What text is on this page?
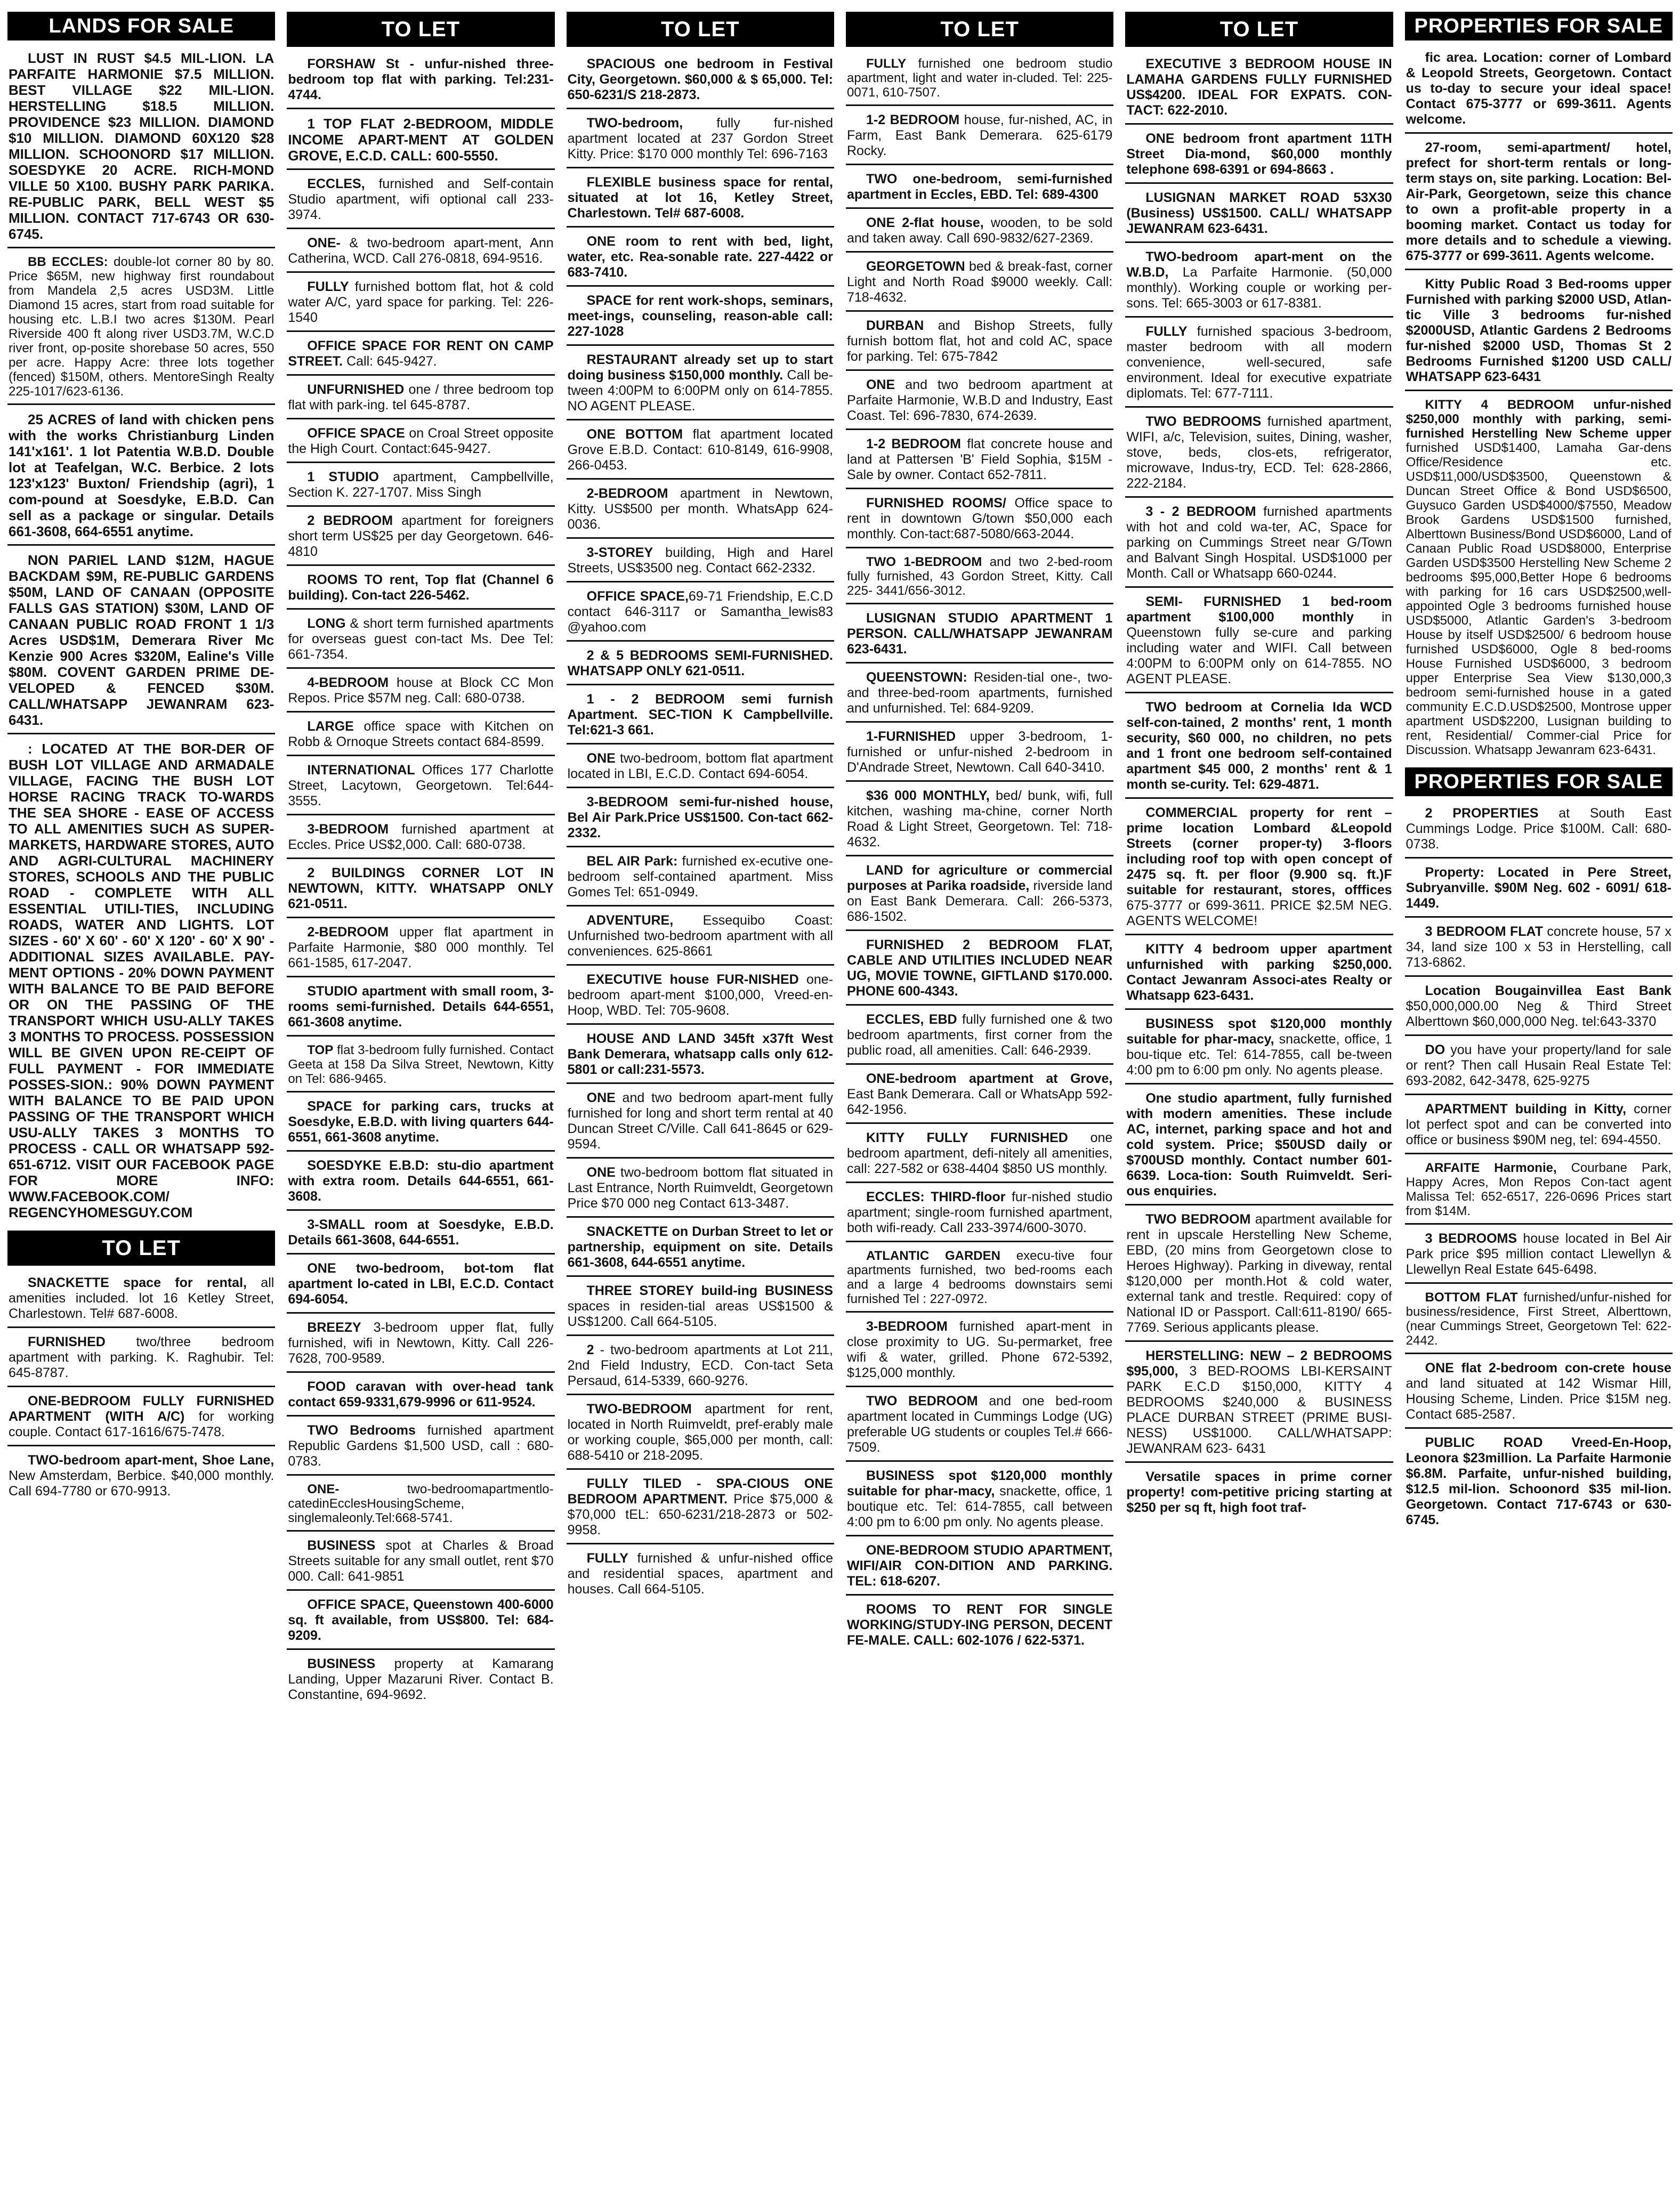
LANDS FOR SALE
LUST IN RUST $4.5 MIL-LION. LA PARFAITE HARMONIE $7.5 MILLION. BEST VILLAGE $22 MIL-LION. HERSTELLING $18.5 MILLION. PROVIDENCE $23 MILLION. DIAMOND $10 MILLION. DIAMOND 60X120 $28 MILLION. SCHOONORD $17 MILLION. SOESDYKE 20 ACRE. RICH-MOND VILLE 50 X100. BUSHY PARK PARIKA. RE-PUBLIC PARK, BELL WEST $5 MILLION. CONTACT 717-6743 OR 630-6745.
BB ECCLES: double-lot corner 80 by 80. Price $65M, new highway first roundabout from Mandela 2,5 acres USD3M. Little Diamond 15 acres, start from road suitable for housing etc. L.B.I two acres $130M. Pearl Riverside 400 ft along river USD3.7M, W.C.D river front, op-posite shorebase 50 acres, 550 per acre. Happy Acre: three lots together (fenced) $150M, others. MentoreSingh Realty 225-1017/623-6136.
25 ACRES of land with chicken pens with the works Christianburg Linden 141'x161'. 1 lot Patentia W.B.D. Double lot at Teafelgan, W.C. Berbice. 2 lots 123'x123' Buxton/ Friendship (agri), 1 com-pound at Soesdyke, E.B.D. Can sell as a package or singular. Details 661-3608, 664-6551 anytime.
NON PARIEL LAND $12M, HAGUE BACKDAM $9M, RE-PUBLIC GARDENS $50M, LAND OF CANAAN (OPPOSITE FALLS GAS STATION) $30M, LAND OF CANAAN PUBLIC ROAD FRONT 1 1/3 Acres USD$1M, Demerara River Mc Kenzie 900 Acres $320M, Ealine's Ville $80M. COVENT GARDEN PRIME DE-VELOPED & FENCED $30M. CALL/WHATSAPP JEWANRAM 623-6431.
: LOCATED AT THE BOR-DER OF BUSH LOT VILLAGE AND ARMADALE VILLAGE, FACING THE BUSH LOT HORSE RACING TRACK TO-WARDS THE SEA SHORE - EASE OF ACCESS TO ALL AMENITIES SUCH AS SUPER-MARKETS, HARDWARE STORES, AUTO AND AGRI-CULTURAL MACHINERY STORES, SCHOOLS AND THE PUBLIC ROAD - COMPLETE WITH ALL ESSENTIAL UTILI-TIES, INCLUDING ROADS, WATER AND LIGHTS. LOT SIZES - 60' X 60' - 60' X 120' - 60' X 90' - ADDITIONAL SIZES AVAILABLE. PAY-MENT OPTIONS - 20% DOWN PAYMENT WITH BALANCE TO BE PAID BEFORE OR ON THE PASSING OF THE TRANSPORT WHICH USU-ALLY TAKES 3 MONTHS TO PROCESS. POSSESSION WILL BE GIVEN UPON RE-CEIPT OF FULL PAYMENT - FOR IMMEDIATE POSSES-SION.: 90% DOWN PAYMENT WITH BALANCE TO BE PAID UPON PASSING OF THE TRANSPORT WHICH USU-ALLY TAKES 3 MONTHS TO PROCESS - CALL OR WHATSAPP 592-651-6712. VISIT OUR FACEBOOK PAGE FOR MORE INFO: WWW.FACEBOOK.COM/ REGENCYHOMESGUY.COM
TO LET
SNACKETTE space for rental, all amenities included. lot 16 Ketley Street, Charlestown. Tel# 687-6008.
FURNISHED two/three bedroom apartment with parking. K. Raghubir. Tel: 645-8787.
ONE-BEDROOM FULLY FURNISHED APARTMENT (WITH A/C) for working couple. Contact 617-1616/675-7478.
TWO-bedroom apart-ment, Shoe Lane, New Amsterdam, Berbice. $40,000 monthly. Call 694-7780 or 670-9913.
TO LET
FORSHAW St - unfur-nished three-bedroom top flat with parking. Tel:231-4744.
1 TOP FLAT 2-BEDROOM, MIDDLE INCOME APART-MENT AT GOLDEN GROVE, E.C.D. CALL: 600-5550.
ECCLES, furnished and Self-contain Studio apartment, wifi optional call 233-3974.
ONE- & two-bedroom apart-ment, Ann Catherina, WCD. Call 276-0818, 694-9516.
FULLY furnished bottom flat, hot & cold water A/C, yard space for parking. Tel: 226-1540
OFFICE SPACE FOR RENT ON CAMP STREET. Call: 645-9427.
UNFURNISHED one / three bedroom top flat with park-ing. tel 645-8787.
OFFICE SPACE on Croal Street opposite the High Court. Contact:645-9427.
1 STUDIO apartment, Campbellville, Section K. 227-1707. Miss Singh
2 BEDROOM apartment for foreigners short term US$25 per day Georgetown. 646-4810
ROOMS TO rent, Top flat (Channel 6 building). Con-tact 226-5462.
LONG & short term furnished apartments for overseas guest con-tact Ms. Dee Tel: 661-7354.
4-BEDROOM house at Block CC Mon Repos. Price $57M neg. Call: 680-0738.
LARGE office space with Kitchen on Robb & Ornoque Streets contact 684-8599.
INTERNATIONAL Offices 177 Charlotte Street, Lacytown, Georgetown. Tel:644-3555.
3-BEDROOM furnished apartment at Eccles. Price US$2,000. Call: 680-0738.
2 BUILDINGS CORNER LOT IN NEWTOWN, KITTY. WHATSAPP ONLY 621-0511.
2-BEDROOM upper flat apartment in Parfaite Harmonie, $80 000 monthly. Tel 661-1585, 617-2047.
STUDIO apartment with small room, 3-rooms semi-furnished. Details 644-6551, 661-3608 anytime.
TOP flat 3-bedroom fully furnished. Contact Geeta at 158 Da Silva Street, Newtown, Kitty on Tel: 686-9465.
SPACE for parking cars, trucks at Soesdyke, E.B.D. with living quarters 644-6551, 661-3608 anytime.
SOESDYKE E.B.D: stu-dio apartment with extra room. Details 644-6551, 661-3608.
3-SMALL room at Soesdyke, E.B.D. Details 661-3608, 644-6551.
ONE two-bedroom, bot-tom flat apartment lo-cated in LBI, E.C.D. Contact 694-6054.
BREEZY 3-bedroom upper flat, fully furnished, wifi in Newtown, Kitty. Call 226-7628, 700-9589.
FOOD caravan with over-head tank contact 659-9331,679-9996 or 611-9524.
TWO Bedrooms furnished apartment Republic Gardens $1,500 USD, call : 680-0783.
ONE- two-bedroomapartmentlo-catedinEcclesHousingScheme, singlemaleonly.Tel:668-5741.
BUSINESS spot at Charles & Broad Streets suitable for any small outlet, rent $70 000. Call: 641-9851
OFFICE SPACE, Queenstown 400-6000 sq. ft available, from US$800. Tel: 684-9209.
BUSINESS property at Kamarang Landing, Upper Mazaruni River. Contact B. Constantine, 694-9692.
TO LET
SPACIOUS one bedroom in Festival City, Georgetown. $60,000 & $ 65,000. Tel: 650-6231/S 218-2873.
TWO-bedroom, fully fur-nished apartment located at 237 Gordon Street Kitty. Price: $170 000 monthly Tel: 696-7163
FLEXIBLE business space for rental, situated at lot 16, Ketley Street, Charlestown. Tel# 687-6008.
ONE room to rent with bed, light, water, etc. Rea-sonable rate. 227-4422 or 683-7410.
SPACE for rent work-shops, seminars, meet-ings, counseling, reason-able call: 227-1028
RESTAURANT already set up to start doing business $150,000 monthly. Call be-tween 4:00PM to 6:00PM only on 614-7855. NO AGENT PLEASE.
ONE BOTTOM flat apartment located Grove E.B.D. Contact: 610-8149, 616-9908, 266-0453.
2-BEDROOM apartment in Newtown, Kitty. US$500 per month. WhatsApp 624-0036.
3-STOREY building, High and Harel Streets, US$3500 neg. Contact 662-2332.
OFFICE SPACE,69-71 Friendship, E.C.D contact 646-3117 or Samantha_lewis83 @yahoo.com
2 & 5 BEDROOMS SEMI-FURNISHED. WHATSAPP ONLY 621-0511.
1 - 2 BEDROOM semi furnish Apartment. SEC-TION K Campbellville. Tel:621-3 661.
ONE two-bedroom, bottom flat apartment located in LBI, E.C.D. Contact 694-6054.
3-BEDROOM semi-fur-nished house, Bel Air Park.Price US$1500. Con-tact 662-2332.
BEL AIR Park: furnished ex-ecutive one-bedroom self-contained apartment. Miss Gomes Tel: 651-0949.
ADVENTURE, Essequibo Coast: Unfurnished two-bedroom apartment with all conveniences. 625-8661
EXECUTIVE house FUR-NISHED one-bedroom apart-ment $100,000, Vreed-en-Hoop, WBD. Tel: 705-9608.
HOUSE AND LAND 345ft x37ft West Bank Demerara, whatsapp calls only 612-5801 or call:231-5573.
ONE and two bedroom apart-ment fully furnished for long and short term rental at 40 Duncan Street C/Ville. Call 641-8645 or 629-9594.
ONE two-bedroom bottom flat situated in Last Entrance, North Ruimveldt, Georgetown Price $70 000 neg Contact 613-3487.
SNACKETTE on Durban Street to let or partnership, equipment on site. Details 661-3608, 644-6551 anytime.
THREE STOREY build-ing BUSINESS spaces in residen-tial areas US$1500 & US$1200. Call 664-5105.
2 - two-bedroom apartments at Lot 211, 2nd Field Industry, ECD. Con-tact Seta Persaud, 614-5339, 660-9276.
TWO-BEDROOM apartment for rent, located in North Ruimveldt, pref-erably male or working couple, $65,000 per month, call: 688-5410 or 218-2095.
FULLY TILED - SPA-CIOUS ONE BEDROOM APARTMENT. Price $75,000 & $70,000 tEL: 650-6231/218-2873 or 502-9958.
FULLY furnished & unfur-nished office and residential spaces, apartment and houses. Call 664-5105.
TO LET
FULLY furnished one bedroom studio apartment, light and water in-cluded. Tel: 225-0071, 610-7507.
1-2 BEDROOM house, fur-nished, AC, in Farm, East Bank Demerara. 625-6179 Rocky.
TWO one-bedroom, semi-furnished apartment in Eccles, EBD. Tel: 689-4300
ONE 2-flat house, wooden, to be sold and taken away. Call 690-9832/627-2369.
GEORGETOWN bed & break-fast, corner Light and North Road $9000 weekly. Call: 718-4632.
DURBAN and Bishop Streets, fully furnish bottom flat, hot and cold AC, space for parking. Tel: 675-7842
ONE and two bedroom apartment at Parfaite Harmonie, W.B.D and Industry, East Coast. Tel: 696-7830, 674-2639.
1-2 BEDROOM flat concrete house and land at Pattersen 'B' Field Sophia, $15M - Sale by owner. Contact 652-7811.
FURNISHED ROOMS/ Office space to rent in downtown G/town $50,000 each monthly. Con-tact:687-5080/663-2044.
TWO 1-BEDROOM and two 2-bed-room fully furnished, 43 Gordon Street, Kitty. Call 225- 3441/656-3012.
LUSIGNAN STUDIO APARTMENT 1 PERSON. CALL/WHATSAPP JEWANRAM 623-6431.
QUEENSTOWN: Residen-tial one-, two- and three-bed-room apartments, furnished and unfurnished. Tel: 684-9209.
1-FURNISHED upper 3-bedroom, 1-furnished or unfur-nished 2-bedroom in D'Andrade Street, Newtown. Call 640-3410.
$36 000 MONTHLY, bed/ bunk, wifi, full kitchen, washing ma-chine, corner North Road & Light Street, Georgetown. Tel: 718-4632.
LAND for agriculture or commercial purposes at Parika roadside, riverside land on East Bank Demerara. Call: 266-5373, 686-1502.
FURNISHED 2 BEDROOM FLAT, CABLE AND UTILITIES INCLUDED NEAR UG, MOVIE TOWNE, GIFTLAND $170.000. PHONE 600-4343.
ECCLES, EBD fully furnished one & two bedroom apartments, first corner from the public road, all amenities. Call: 646-2939.
ONE-bedroom apartment at Grove, East Bank Demerara. Call or WhatsApp 592-642-1956.
KITTY FULLY FURNISHED one bedroom apartment, defi-nitely all amenities, call: 227-582 or 638-4404 $850 US monthly.
ECCLES: THIRD-floor fur-nished studio apartment; single-room furnished apartment, both wifi-ready. Call 233-3974/600-3070.
ATLANTIC GARDEN execu-tive four apartments furnished, two bed-rooms each and a large 4 bedrooms downstairs semi furnished Tel : 227-0972.
3-BEDROOM furnished apart-ment in close proximity to UG. Su-permarket, free wifi & water, grilled. Phone 672-5392, $125,000 monthly.
TWO BEDROOM and one bed-room apartment located in Cummings Lodge (UG) preferable UG students or couples Tel.# 666-7509.
BUSINESS spot $120,000 monthly suitable for phar-macy, snackette, office, 1 boutique etc. Tel: 614-7855, call between 4:00 pm to 6:00 pm only. No agents please.
ONE-BEDROOM STUDIO APARTMENT, WIFI/AIR CON-DITION AND PARKING. TEL: 618-6207.
ROOMS TO RENT FOR SINGLE WORKING/STUDY-ING PERSON, DECENT FE-MALE. CALL: 602-1076 / 622-5371.
TO LET
EXECUTIVE 3 BEDROOM HOUSE IN LAMAHA GARDENS FULLY FURNISHED US$4200. IDEAL FOR EXPATS. CON-TACT: 622-2010.
ONE bedroom front apartment 11TH Street Dia-mond, $60,000 monthly telephone 698-6391 or 694-8663 .
LUSIGNAN MARKET ROAD 53X30 (Business) US$1500. CALL/ WHATSAPP JEWANRAM 623-6431.
TWO-bedroom apart-ment on the W.B.D, La Parfaite Harmonie. (50,000 monthly). Working couple or working per-sons. Tel: 665-3003 or 617-8381.
FULLY furnished spacious 3-bedroom, master bedroom with all modern convenience, well-secured, safe environment. Ideal for executive expatriate diplomats. Tel: 677-7111.
TWO BEDROOMS furnished apartment, WIFI, a/c, Television, suites, Dining, washer, stove, beds, clos-ets, refrigerator, microwave, Indus-try, ECD. Tel: 628-2866, 222-2184.
3 - 2 BEDROOM furnished apartments with hot and cold wa-ter, AC, Space for parking on Cummings Street near G/Town and Balvant Singh Hospital. USD$1000 per Month. Call or Whatsapp 660-0244.
SEMI- FURNISHED 1 bed-room apartment $100,000 monthly in Queenstown fully se-cure and parking including water and WIFI. Call between 4:00PM to 6:00PM only on 614-7855. NO AGENT PLEASE.
TWO bedroom at Cornelia Ida WCD self-con-tained, 2 months' rent, 1 month security, $60 000, no children, no pets and 1 front one bedroom self-contained apartment $45 000, 2 months' rent & 1 month se-curity. Tel: 629-4871.
COMMERCIAL property for rent – prime location Lombard &Leopold Streets (corner proper-ty) 3-floors including roof top with open concept of 2475 sq. ft. per floor (9.900 sq. ft.)F suitable for restaurant, stores, offfices 675-3777 or 699-3611. PRICE $2.5M NEG. AGENTS WELCOME!
KITTY 4 bedroom upper apartment unfurnished with parking $250,000. Contact Jewanram Associ-ates Realty or Whatsapp 623-6431.
BUSINESS spot $120,000 monthly suitable for phar-macy, snackette, office, 1 bou-tique etc. Tel: 614-7855, call be-tween 4:00 pm to 6:00 pm only. No agents please.
One studio apartment, fully furnished with modern amenities. These include AC, internet, parking space and hot and cold system. Price; $50USD daily or $700USD monthly. Contact number 601-6639. Loca-tion: South Ruimveldt. Seri-ous enquiries.
TWO BEDROOM apartment available for rent in upscale Herstelling New Scheme, EBD, (20 mins from Georgetown close to Heroes Highway). Parking in diveway, rental $120,000 per month.Hot & cold water, external tank and trestle. Required: copy of National ID or Passport. Call:611-8190/ 665-7769. Serious applicants please.
HERSTELLING: NEW – 2 BEDROOMS $95,000, 3 BED-ROOMS LBI-KERSAINT PARK E.C.D $150,000, KITTY 4 BEDROOMS $240,000 & BUSINESS PLACE DURBAN STREET (PRIME BUSI-NESS) US$1000. CALL/WHATSAPP: JEWANRAM 623- 6431
Versatile spaces in prime corner property! com-petitive pricing starting at $250 per sq ft, high foot traf-
PROPERTIES FOR SALE
fic area. Location: corner of Lombard & Leopold Streets, Georgetown. Contact us to-day to secure your ideal space! Contact 675-3777 or 699-3611. Agents welcome.
27-room, semi-apartment/ hotel, prefect for short-term rentals or long-term stays on, site parking. Location: Bel-Air-Park, Georgetown, seize this chance to own a profit-able property in a booming market. Contact us today for more details and to schedule a viewing. 675-3777 or 699-3611. Agents welcome.
Kitty Public Road 3 Bed-rooms upper Furnished with parking $2000 USD, Atlan-tic Ville 3 bedrooms fur-nished $2000USD, Atlantic Gardens 2 Bedrooms fur-nished $2000 USD, Thomas St 2 Bedrooms Furnished $1200 USD CALL/ WHATSAPP 623-6431
KITTY 4 BEDROOM unfur-nished $250,000 monthly with parking, semi-furnished Herstelling New Scheme upper furnished USD$1400, Lamaha Gar-dens Office/Residence etc. USD$11,000/USD$3500, Queenstown & Duncan Street Office & Bond USD$6500, Guysuco Garden USD$4000/$7550, Meadow Brook Gardens USD$1500 furnished, Alberttown Business/Bond USD$6000, Land of Canaan Public Road USD$8000, Enterprise Garden USD$3500 Herstelling New Scheme 2 bedrooms $95,000,Better Hope 6 bedrooms with parking for 16 cars USD$2500,well-appointed Ogle 3 bedrooms furnished house USD$5000, Atlantic Garden's 3-bedroom House by itself USD$2500/ 6 bedroom house furnished USD$6000, Ogle 8 bed-rooms House Furnished USD$6000, 3 bedroom upper Enterprise Sea View $130,000,3 bedroom semi-furnished house in a gated community E.C.D.USD$2500, Montrose upper apartment USD$2200, Lusignan building to rent, Residential/ Commer-cial Price for Discussion. Whatsapp Jewanram 623-6431.
PROPERTIES FOR SALE
2 PROPERTIES at South East Cummings Lodge. Price $100M. Call: 680-0738.
Property: Located in Pere Street, Subryanville. $90M Neg. 602 - 6091/ 618-1449.
3 BEDROOM FLAT concrete house, 57 x 34, land size 100 x 53 in Herstelling, call 713-6862.
Location Bougainvillea East Bank $50,000,000.00 Neg & Third Street Alberttown $60,000,000 Neg. tel:643-3370
DO you have your property/land for sale or rent? Then call Husain Real Estate Tel: 693-2082, 642-3478, 625-9275
APARTMENT building in Kitty, corner lot perfect spot and can be converted into office or business $90M neg, tel: 694-4550.
ARFAITE Harmonie, Courbane Park, Happy Acres, Mon Repos Con-tact agent Malissa Tel: 652-6517, 226-0696 Prices start from $14M.
3 BEDROOMS house located in Bel Air Park price $95 million contact Llewellyn & Llewellyn Real Estate 645-6498.
BOTTOM FLAT furnished/unfur-nished for business/residence, First Street, Alberttown, (near Cummings Street, Georgetown Tel: 622-2442.
ONE flat 2-bedroom con-crete house and land situated at 142 Wismar Hill, Housing Scheme, Linden. Price $15M neg. Contact 685-2587.
PUBLIC ROAD Vreed-En-Hoop, Leonora $23million. La Parfaite Harmonie $6.8M. Parfaite, unfur-nished building, $12.5 mil-lion. Schoonord $35 mil-lion. Georgetown. Contact 717-6743 or 630-6745.
